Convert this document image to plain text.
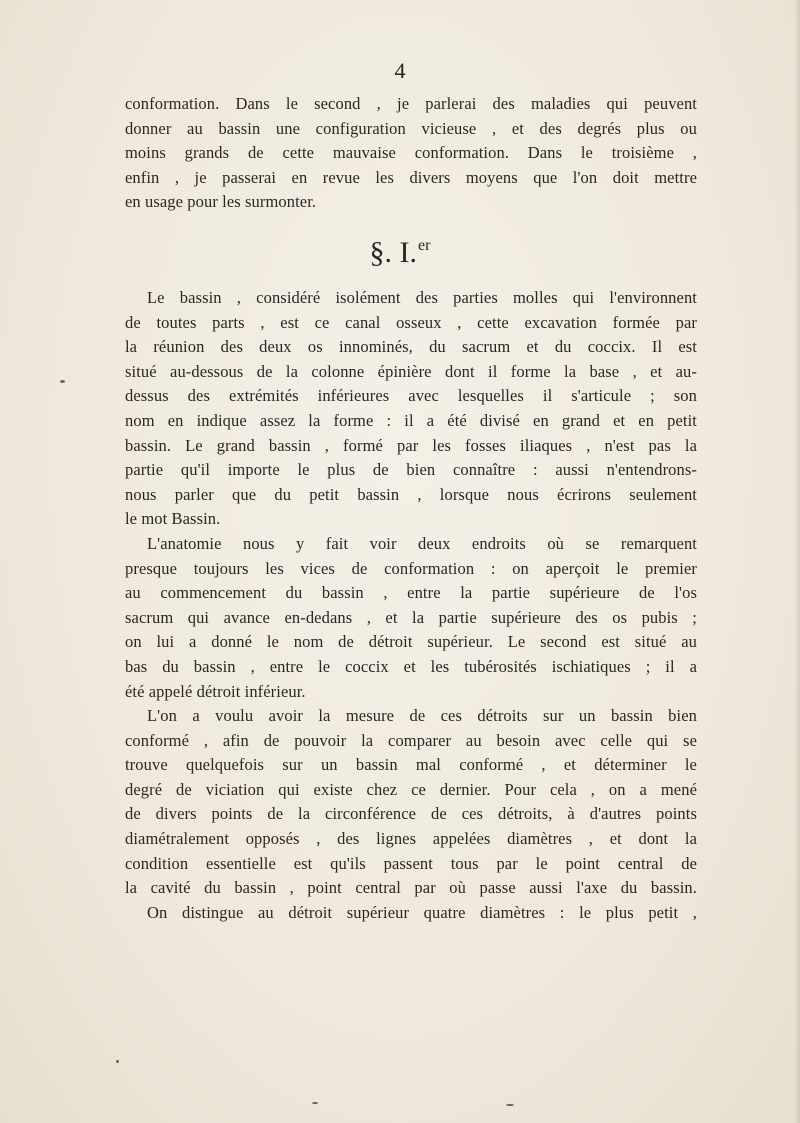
4
conformation. Dans le second , je parlerai des maladies qui peuvent
donner au bassin une configuration vicieuse , et des degrés plus ou
moins grands de cette mauvaise conformation. Dans le troisième ,
enfin , je passerai en revue les divers moyens que l'on doit mettre
en usage pour les surmonter.
§. I.$^{er}$
Le bassin , considéré isolément des parties molles qui l'environnent
de toutes parts , est ce canal osseux , cette excavation formée par
la réunion des deux os innominés, du sacrum et du coccix. Il est
situé au-dessous de la colonne épinière dont il forme la base , et au-
dessus des extrémités inférieures avec lesquelles il s'articule ; son
nom en indique assez la forme : il a été divisé en grand et en petit
bassin. Le grand bassin , formé par les fosses iliaques , n'est pas la
partie qu'il importe le plus de bien connaître : aussi n'entendrons-
nous parler que du petit bassin , lorsque nous écrirons seulement
le mot Bassin.
L'anatomie nous y fait voir deux endroits où se remarquent
presque toujours les vices de conformation : on aperçoit le premier
au commencement du bassin , entre la partie supérieure de l'os
sacrum qui avance en-dedans , et la partie supérieure des os pubis ;
on lui a donné le nom de détroit supérieur. Le second est situé au
bas du bassin , entre le coccix et les tubérosités ischiatiques ; il a
été appelé détroit inférieur.
L'on a voulu avoir la mesure de ces détroits sur un bassin bien
conformé , afin de pouvoir la comparer au besoin avec celle qui se
trouve quelquefois sur un bassin mal conformé , et déterminer le
degré de viciation qui existe chez ce dernier. Pour cela , on a mené
de divers points de la circonférence de ces détroits, à d'autres points
diamétralement opposés , des lignes appelées diamètres , et dont la
condition essentielle est qu'ils passent tous par le point central de
la cavité du bassin , point central par où passe aussi l'axe du bassin.
On distingue au détroit supérieur quatre diamètres : le plus petit ,
